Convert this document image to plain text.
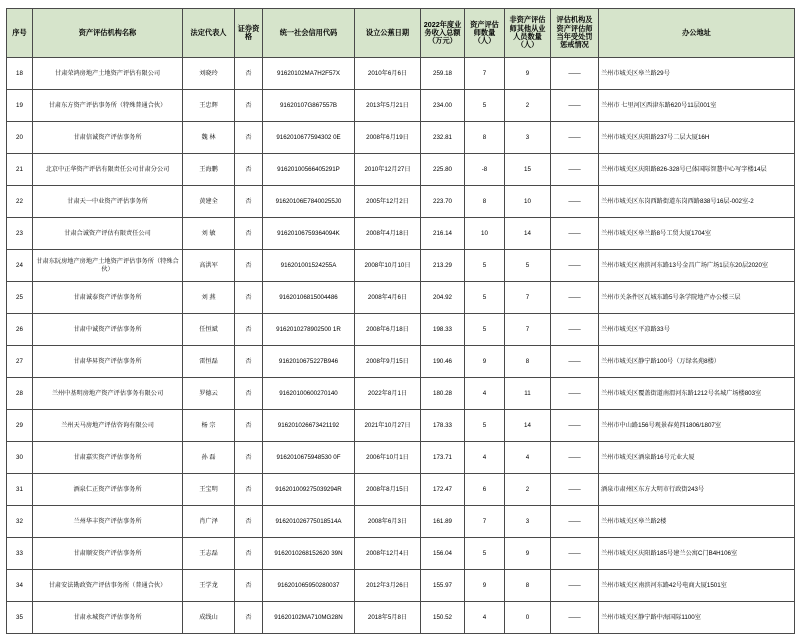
序号	资产评估机构名称	法定代表人	证券资格	统一社会信用代码	设立公蕉日期	2022年度业务收入总额（万元）	资产评估师数量（人）	非资产评估师其他从业人员数量（人）	评估机构及资产评估师当年受处罚惩戒情况	办公地址
18	甘肃荣鸿房地产土地资产评估有限公司	刘晓玲	否	91620102MA7H2F57X	2010年6月6日	259.18	7	9	——	兰州市城关区皋兰路29号
19	甘肃东方资产评估事务所（特殊普通合伙）	王忠辉	否	91620107G867557B	2013年5月21日	234.00	5	2	——	兰州市 七里河区西津东路620号11层001室
20	甘肃信诚资产评估事务所	魏 林	否	9162010677594302 0E	2008年6月19日	232.81	8	3	——	兰州市城关区庆阳路237号二层大厦16H
21	北京中正华资产评估有限责任公司甘肃分公司	王海鹏	否	91620100566405291P	2010年12月27日	225.80	-8	15	——	兰州市城关区庆阳路826-328号已体国际智慧中心写字楼14层
22	甘肃天一中业资产评估事务所	黄建全	否	91620106E78400255J0	2005年12月2日	223.70	8	10	——	兰州市城关区东岗西路街道东岗西路838号16层-002室-2
23	甘肃合诚资产评估有限责任公司	刘 敏	否	91620106759364094K	2008年4月18日	216.14	10	14	——	兰州市城关区皋兰路8号工贸大厦1704室
24	甘肃东阮房地产房地产土地资产评估事务所（特殊合伙）	高洪军	否	916201001524255A	2008年10月10日	213.29	5	5	——	兰州市城关区南滨河东路13号金昌广场广场1层东20层2020室
25	甘肃诚泰资产评估事务所	刘 燕	否	91620106815004486	2008年4月6日	204.92	5	7	——	兰州市关条件区瓦城东路5号条学院地产办公楼三层
26	甘肃中诚资产评估事务所	任恒斌	否	9162010278902500 1R	2008年6月18日	198.33	5	7	——	兰州市城关区平凉路33号
27	甘肃华昇资产评估事务所	雷恒磊	否	9162010675227B946	2008年9月15日	190.46	9	8	——	兰州市城关区静宁路100号（万绿名苑8楼）
28	兰州中基明房地产资产评估事务有限公司	罗德云	否	91620100600270140	2022年8月1日	180.28	4	11	——	兰州市城关区覆盖街道南渭河东路1212号名城广场楼803室
29	兰州天马房地产评估咨询有限公司	杨 宗	否	916201026673421192	2021年10月27日	178.33	5	14	——	兰州市中山路156号观景春苑四1806/1807室
30	甘肃嘉实资产评估事务所	孙 磊	否	9162010675948530 0F	2006年10月1日	173.71	4	4	——	兰州市城关区酒泉路16号元业大厦
31	酒泉仁正资产评估事务所	王宝明	否	916201009275039294R	2008年8月15日	172.47	6	2	——	酒泉市肃州区东方大明市行政街243号
32	兰州华丰资产评估事务所	肖广泽	否	916201026775018514A	2008年6月3日	161.89	7	3	——	兰州市城关区皋兰路2楼
33	甘肃顺安资产评估事务所	王志磊	否	9162010268152620 39N	2008年12月4日	156.04	5	9	——	兰州市城关区庆阳路185号建兰公寓C门B4H106室
34	甘肃安法勘政资产评估事务所（普通合伙）	王学龙	否	916201065950280037	2012年3月26日	155.97	9	8	——	兰州市城关区南滨河东路42号电商大厦1501室
35	甘肃永城资产评估事务所	成线山	否	91620102MA710MG28N	2018年5月8日	150.52	4	0	——	兰州市城关区静宁路中海国际1100室
